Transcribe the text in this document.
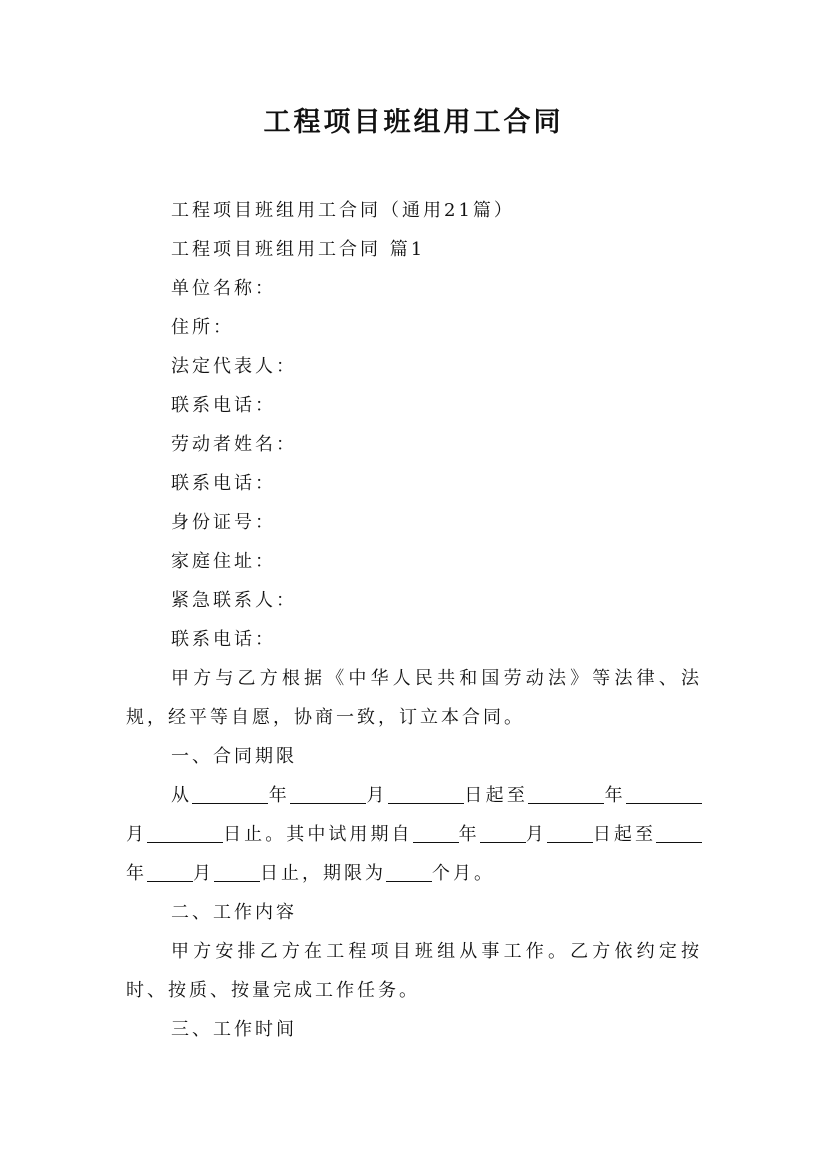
工程项目班组用工合同

工程项目班组用工合同（通用21篇）

工程项目班组用工合同 篇1

单位名称：

住所：

法定代表人：

联系电话：

劳动者姓名：

联系电话：

身份证号：

家庭住址：

紧急联系人：

联系电话：

甲方与乙方根据《中华人民共和国劳动法》等法律、法规，经平等自愿，协商一致，订立本合同。

一、合同期限

从	年	月	日起至	年月	日止。其中试用期自	年	月	日起至年	月	日止，期限为	个月。

二、工作内容

甲方安排乙方在工程项目班组从事工作。乙方依约定按时、按质、按量完成工作任务。

三、工作时间
